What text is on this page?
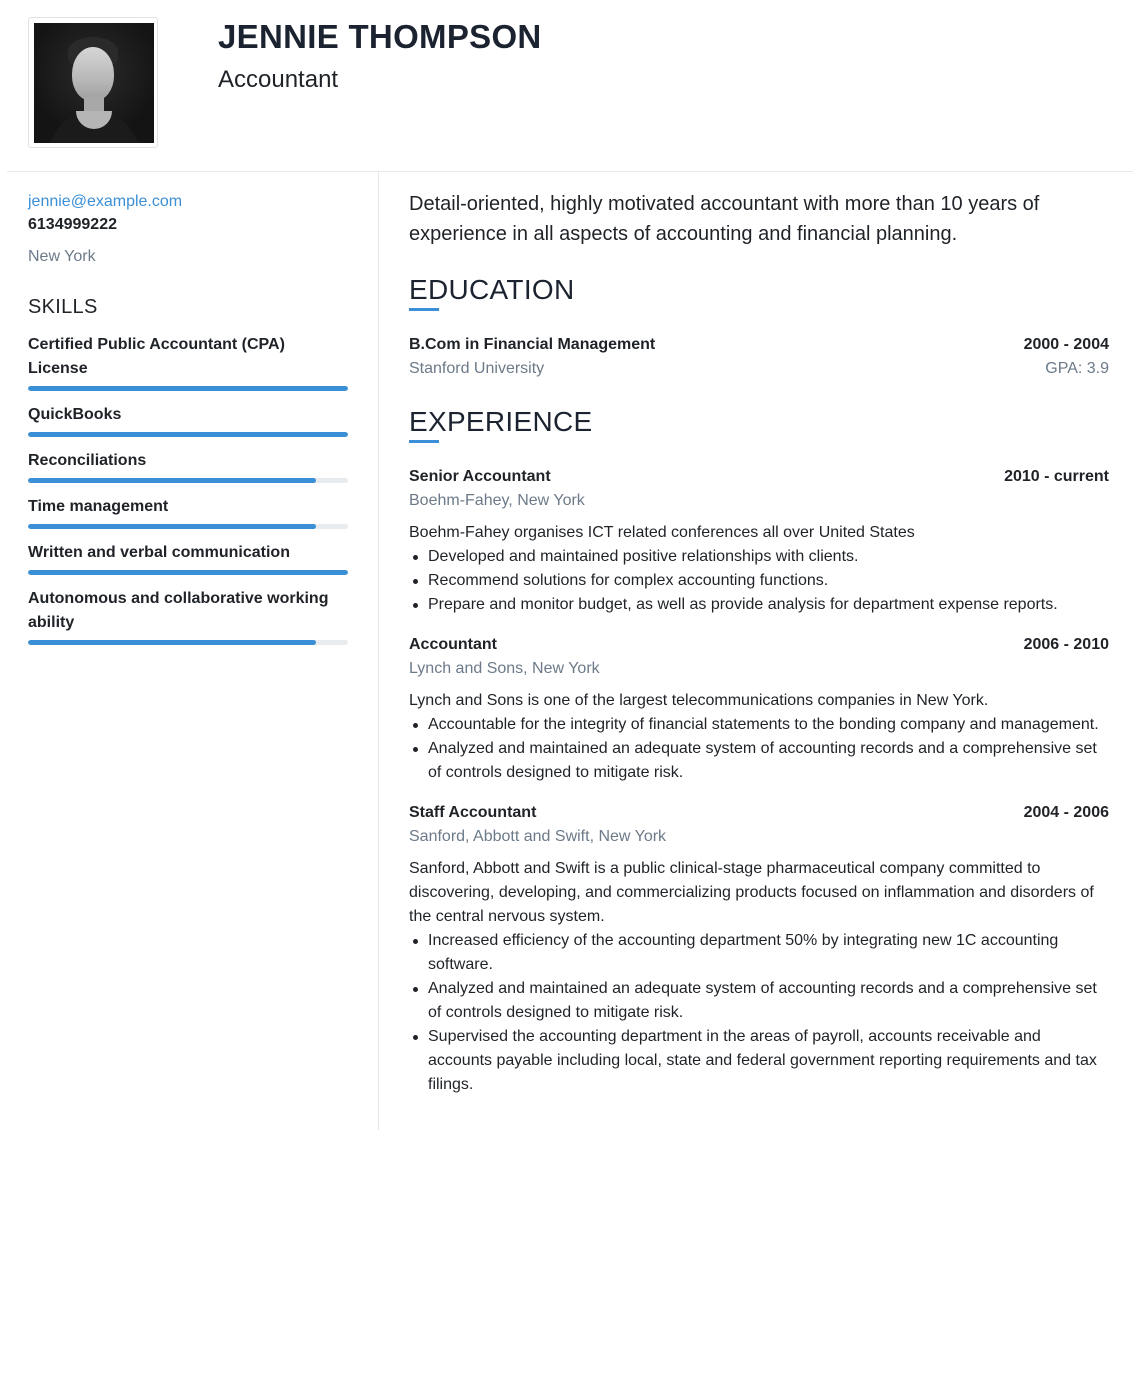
JENNIE THOMPSON
Accountant
jennie@example.com
6134999222
New York
SKILLS
Certified Public Accountant (CPA) License
QuickBooks
Reconciliations
Time management
Written and verbal communication
Autonomous and collaborative working ability

Detail-oriented, highly motivated accountant with more than 10 years of experience in all aspects of accounting and financial planning.

EDUCATION
B.Com in Financial Management	2000 - 2004
Stanford University	GPA: 3.9
EXPERIENCE
Senior Accountant	2010 - current
Boehm-Fahey, New York
Boehm-Fahey organises ICT related conferences all over United States
Developed and maintained positive relationships with clients.
Recommend solutions for complex accounting functions.
Prepare and monitor budget, as well as provide analysis for department expense reports.
Accountant	2006 - 2010
Lynch and Sons, New York
Lynch and Sons is one of the largest telecommunications companies in New York.
Accountable for the integrity of financial statements to the bonding company and management.
Analyzed and maintained an adequate system of accounting records and a comprehensive set of controls designed to mitigate risk.
Staff Accountant	2004 - 2006
Sanford, Abbott and Swift, New York
Sanford, Abbott and Swift is a public clinical-stage pharmaceutical company committed to discovering, developing, and commercializing products focused on inflammation and disorders of the central nervous system.
Increased efficiency of the accounting department 50% by integrating new 1C accounting software.
Analyzed and maintained an adequate system of accounting records and a comprehensive set of controls designed to mitigate risk.
Supervised the accounting department in the areas of payroll, accounts receivable and accounts payable including local, state and federal government reporting requirements and tax filings.
